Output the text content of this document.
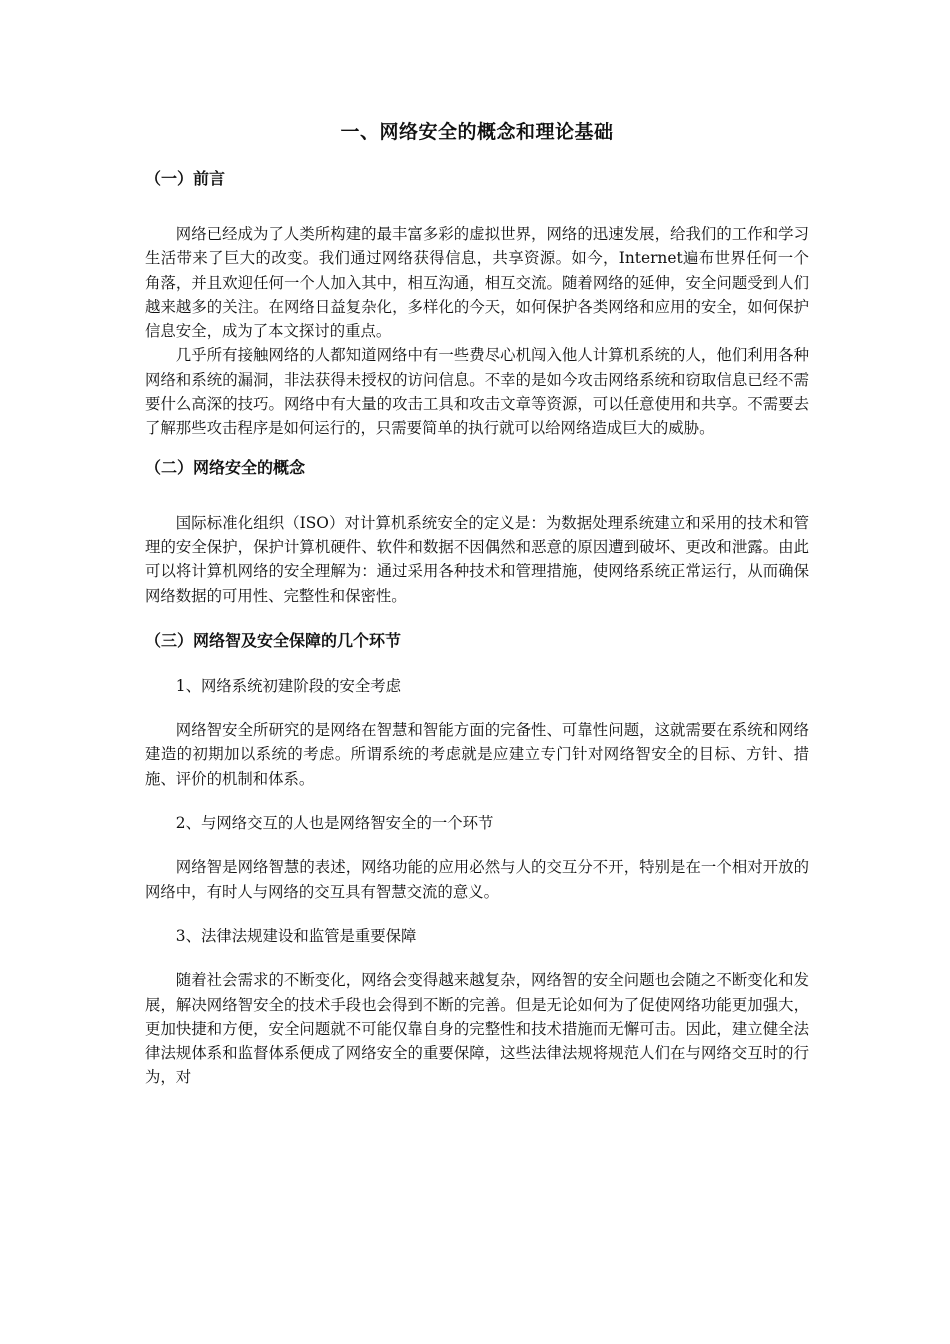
一、网络安全的概念和理论基础
（一）前言

网络已经成为了人类所构建的最丰富多彩的虚拟世界，网络的迅速发展，给我们的工作和学习生活带来了巨大的改变。我们通过网络获得信息，共享资源。如今，Internet遍布世界任何一个角落，并且欢迎任何一个人加入其中，相互沟通，相互交流。随着网络的延伸，安全问题受到人们越来越多的关注。在网络日益复杂化，多样化的今天，如何保护各类网络和应用的安全，如何保护信息安全，成为了本文探讨的重点。

几乎所有接触网络的人都知道网络中有一些费尽心机闯入他人计算机系统的人，他们利用各种网络和系统的漏洞，非法获得未授权的访问信息。不幸的是如今攻击网络系统和窃取信息已经不需要什么高深的技巧。网络中有大量的攻击工具和攻击文章等资源，可以任意使用和共享。不需要去了解那些攻击程序是如何运行的，只需要简单的执行就可以给网络造成巨大的威胁。

（二）网络安全的概念

国际标准化组织（ISO）对计算机系统安全的定义是：为数据处理系统建立和采用的技术和管理的安全保护，保护计算机硬件、软件和数据不因偶然和恶意的原因遭到破坏、更改和泄露。由此可以将计算机网络的安全理解为：通过采用各种技术和管理措施，使网络系统正常运行，从而确保网络数据的可用性、完整性和保密性。

（三）网络智及安全保障的几个环节

1、网络系统初建阶段的安全考虑

网络智安全所研究的是网络在智慧和智能方面的完备性、可靠性问题，这就需要在系统和网络建造的初期加以系统的考虑。所谓系统的考虑就是应建立专门针对网络智安全的目标、方针、措施、评价的机制和体系。

2、与网络交互的人也是网络智安全的一个环节

网络智是网络智慧的表述，网络功能的应用必然与人的交互分不开，特别是在一个相对开放的网络中，有时人与网络的交互具有智慧交流的意义。

3、法律法规建设和监管是重要保障

随着社会需求的不断变化，网络会变得越来越复杂，网络智的安全问题也会随之不断变化和发展，解决网络智安全的技术手段也会得到不断的完善。但是无论如何为了促使网络功能更加强大，更加快捷和方便，安全问题就不可能仅靠自身的完整性和技术措施而无懈可击。因此，建立健全法律法规体系和监督体系便成了网络安全的重要保障，这些法律法规将规范人们在与网络交互时的行为，对
